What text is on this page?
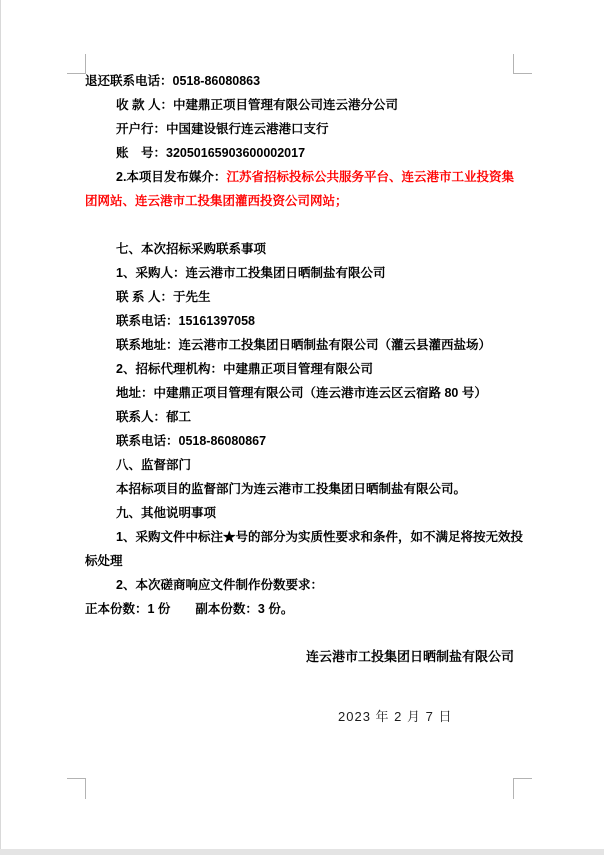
退还联系电话：0518-86080863
收 款 人：中建鼎正项目管理有限公司连云港分公司
开户行：中国建设银行连云港港口支行
账　号：32050165903600002017
2.本项目发布媒介：江苏省招标投标公共服务平台、连云港市工业投资集
团网站、连云港市工投集团灌西投资公司网站；
七、本次招标采购联系事项
1、采购人：连云港市工投集团日晒制盐有限公司
联 系 人：于先生
联系电话：15161397058
联系地址：连云港市工投集团日晒制盐有限公司（灌云县灌西盐场）
2、招标代理机构：中建鼎正项目管理有限公司
地址：中建鼎正项目管理有限公司（连云港市连云区云宿路 80 号）
联系人：郁工
联系电话：0518-86080867
八、监督部门
本招标项目的监督部门为连云港市工投集团日晒制盐有限公司。
九、其他说明事项
1、采购文件中标注★号的部分为实质性要求和条件，如不满足将按无效投
标处理
2、本次磋商响应文件制作份数要求：
正本份数：1 份　　副本份数：3 份。
连云港市工投集团日晒制盐有限公司
2023 年 2 月 7 日
